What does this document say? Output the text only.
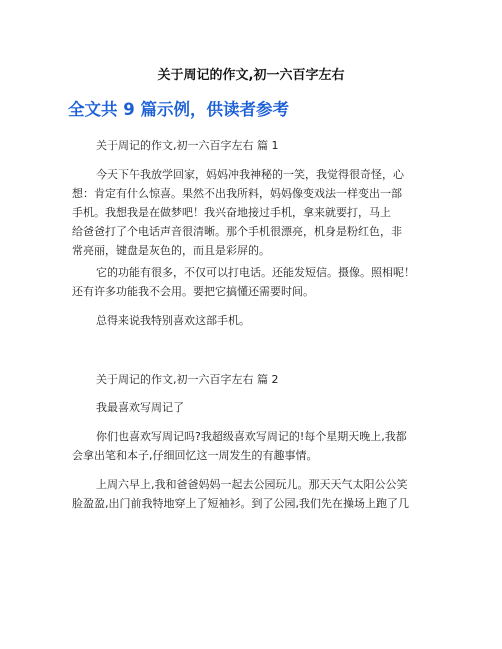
关于周记的作文,初一六百字左右
全文共 9 篇示例，供读者参考
关于周记的作文,初一六百字左右 篇 1
今天下午我放学回家，妈妈冲我神秘的一笑，我觉得很奇怪，心
想：肯定有什么惊喜。果然不出我所料，妈妈像变戏法一样变出一部
手机。我想我是在做梦吧！我兴奋地接过手机，拿来就要打，马上
给爸爸打了个电话声音很清晰。那个手机很漂亮，机身是粉红色，非
常亮丽，键盘是灰色的，而且是彩屏的。
它的功能有很多，不仅可以打电话。还能发短信。摄像。照相呢！
还有许多功能我不会用。要把它搞懂还需要时间。
总得来说我特别喜欢这部手机。
关于周记的作文,初一六百字左右 篇 2
我最喜欢写周记了
你们也喜欢写周记吗?我超级喜欢写周记的!每个星期天晚上,我都
会拿出笔和本子,仔细回忆这一周发生的有趣事情。
上周六早上,我和爸爸妈妈一起去公园玩儿。那天天气太阳公公笑
脸盈盈,出门前我特地穿上了短袖衫。到了公园,我们先在操场上跑了几
